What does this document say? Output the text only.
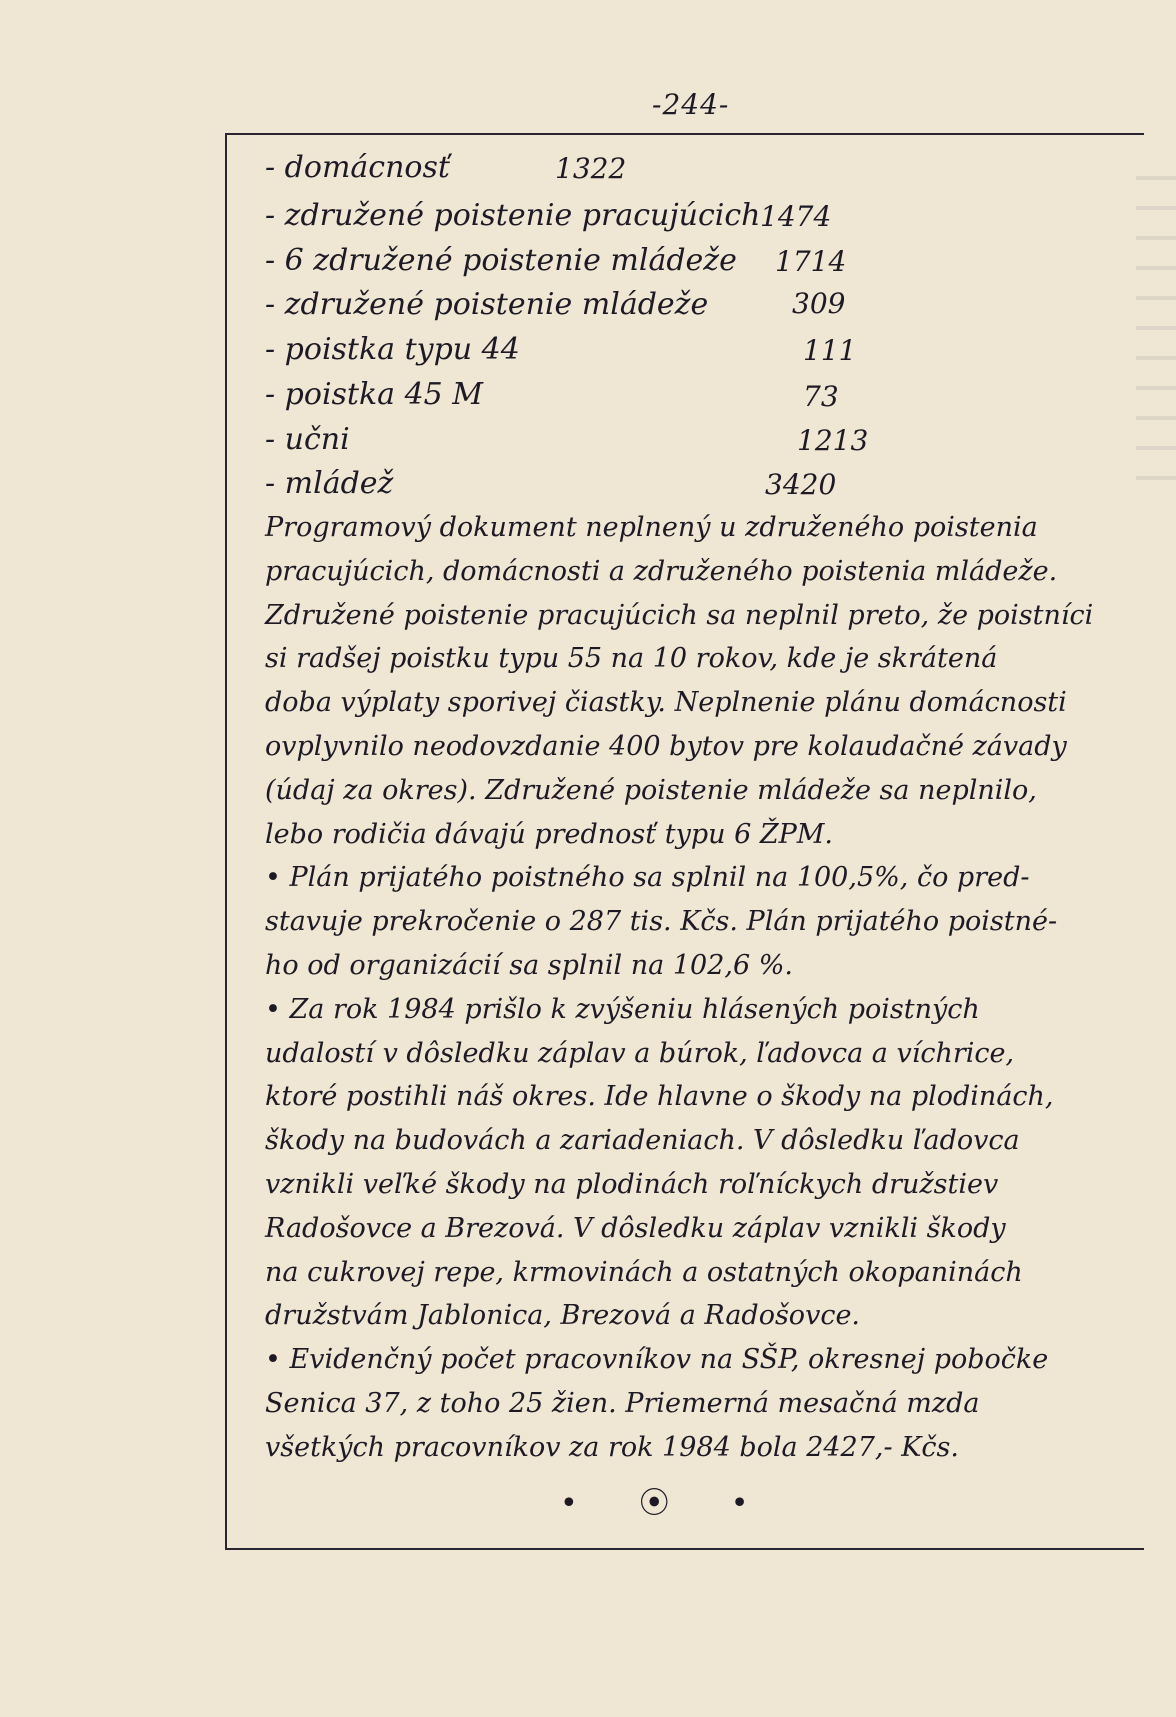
-244-
- domácnosť	1322
- združené poistenie pracujúcich 1474
- 6 združené poistenie mládeže 1714
- združené poistenie mládeže	309
- poistka typu 44	111
- poistka 45 M	73
- učni	1213
- mládež	3420
Programový dokument neplnený u združeného poistenia
pracujúcich, domácnosti a združeného poistenia mládeže.
Združené poistenie pracujúcich sa neplnil preto, že poistníci
si radšej poistku typu 55 na 10 rokov, kde je skrátená
doba výplaty sporivej čiastky. Neplnenie plánu domácnosti
ovplyvnilo neodovzdanie 400 bytov pre kolaudačné závady
(údaj za okres). Združené poistenie mládeže sa neplnilo,
lebo rodičia dávajú prednosť typu 6 ŽPM.
• Plán prijatého poistného sa splnil na 100,5%, čo pred-
stavuje prekročenie o 287 tis. Kčs. Plán prijatého poistné-
ho od organizácií sa splnil na 102,6 %.
• Za rok 1984 prišlo k zvýšeniu hlásených poistných
udalostí v dôsledku záplav a búrok, ľadovca a víchrice,
ktoré postihli náš okres. Ide hlavne o škody na plodinách,
škody na budovách a zariadeniach. V dôsledku ľadovca
vznikli veľké škody na plodinách roľníckych družstiev
Radošovce a Brezová. V dôsledku záplav vznikli škody
na cukrovej repe, krmovinách a ostatných okopaninách
družstvám Jablonica, Brezová a Radošovce.
• Evidenčný počet pracovníkov na SŠP, okresnej pobočke
Senica 37, z toho 25 žien. Priemerná mesačná mzda
všetkých pracovníkov za rok 1984 bola 2427,- Kčs.
• ⦿ •
